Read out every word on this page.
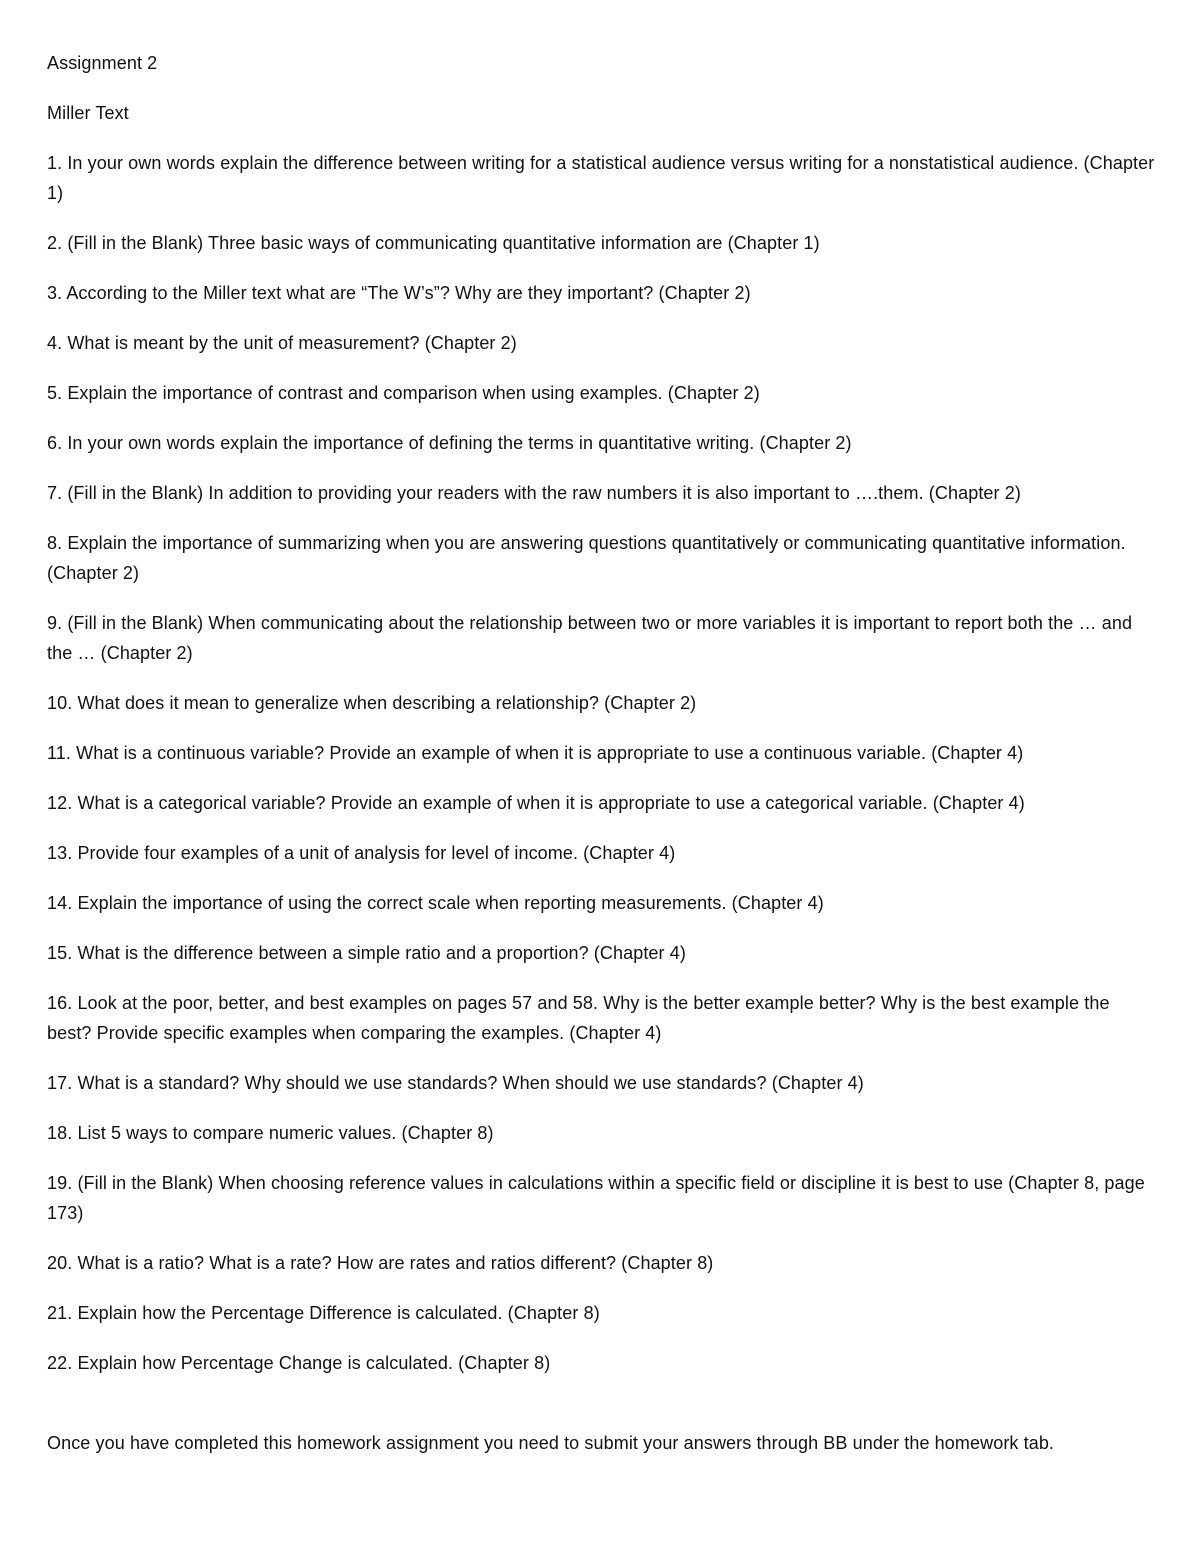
Assignment 2

Miller Text

1. In your own words explain the difference between writing for a statistical audience versus writing for a nonstatistical audience. (Chapter 1)

2. (Fill in the Blank) Three basic ways of communicating quantitative information are (Chapter 1)

3. According to the Miller text what are “The W’s”? Why are they important? (Chapter 2)

4. What is meant by the unit of measurement? (Chapter 2)

5. Explain the importance of contrast and comparison when using examples. (Chapter 2)

6. In your own words explain the importance of defining the terms in quantitative writing. (Chapter 2)

7. (Fill in the Blank) In addition to providing your readers with the raw numbers it is also important to ….them. (Chapter 2)

8. Explain the importance of summarizing when you are answering questions quantitatively or communicating quantitative information. (Chapter 2)

9. (Fill in the Blank) When communicating about the relationship between two or more variables it is important to report both the … and the … (Chapter 2)

10. What does it mean to generalize when describing a relationship? (Chapter 2)

11. What is a continuous variable? Provide an example of when it is appropriate to use a continuous variable. (Chapter 4)

12. What is a categorical variable? Provide an example of when it is appropriate to use a categorical variable. (Chapter 4)

13. Provide four examples of a unit of analysis for level of income. (Chapter 4)

14. Explain the importance of using the correct scale when reporting measurements. (Chapter 4)

15. What is the difference between a simple ratio and a proportion? (Chapter 4)

16. Look at the poor, better, and best examples on pages 57 and 58. Why is the better example better? Why is the best example the best? Provide specific examples when comparing the examples. (Chapter 4)

17. What is a standard? Why should we use standards? When should we use standards? (Chapter 4)

18. List 5 ways to compare numeric values. (Chapter 8)

19. (Fill in the Blank) When choosing reference values in calculations within a specific field or discipline it is best to use (Chapter 8, page 173)

20. What is a ratio? What is a rate? How are rates and ratios different? (Chapter 8)

21. Explain how the Percentage Difference is calculated. (Chapter 8)

22. Explain how Percentage Change is calculated. (Chapter 8)

Once you have completed this homework assignment you need to submit your answers through BB under the homework tab.
